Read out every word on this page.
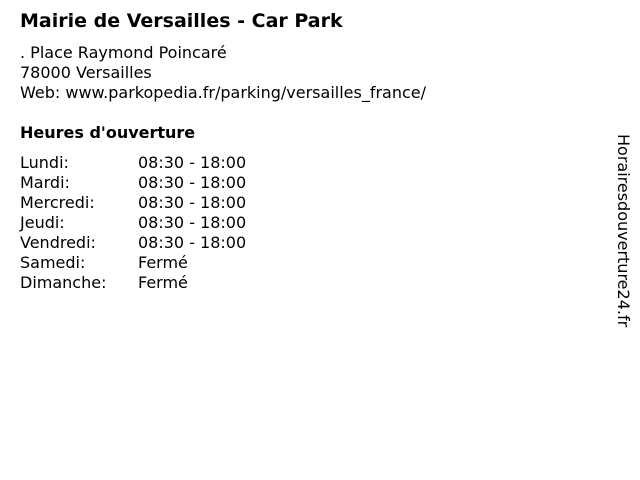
Mairie de Versailles - Car Park
. Place Raymond Poincaré
78000 Versailles
Web: www.parkopedia.fr/parking/versailles_france/
Heures d'ouverture
Lundi:	08:30 - 18:00
Mardi:	08:30 - 18:00
Mercredi:	08:30 - 18:00
Jeudi:	08:30 - 18:00
Vendredi:	08:30 - 18:00
Samedi:	Fermé
Dimanche: Fermé	Horairesdouverture24.fr
